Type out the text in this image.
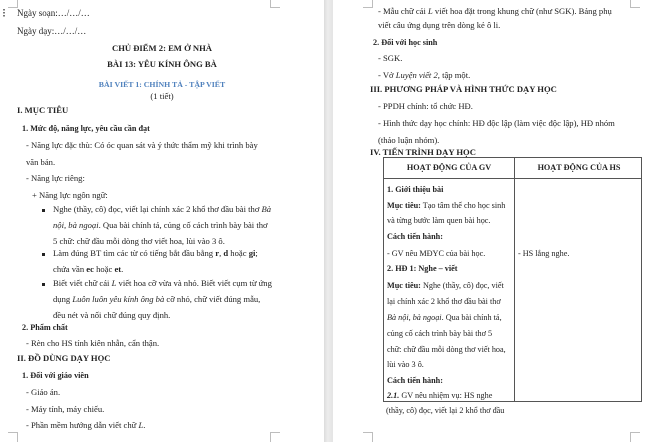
Ngày soạn:…/…/…
Ngày dạy:…/…/…
CHỦ ĐIỂM 2: EM Ở NHÀ
BÀI 13: YÊU KÍNH ÔNG BÀ
BÀI VIẾT 1: CHÍNH TẢ - TẬP VIẾT
(1 tiết)
I. MỤC TIÊU
1. Mức độ, năng lực, yêu cầu cần đạt
- Năng lực đặc thù: Có óc quan sát và ý thức thẩm mỹ khi trình bày
văn bản.
- Năng lực riêng:
+ Năng lực ngôn ngữ:
Nghe (thầy, cô) đọc, viết lại chính xác 2 khổ thơ đầu bài thơ Bà
nội, bà ngoại. Qua bài chính tả, củng cố cách trình bày bài thơ
5 chữ: chữ đầu mỗi dòng thơ viết hoa, lùi vào 3 ô.
Làm đúng BT tìm các từ có tiếng bắt đầu bằng r, d hoặc gi;
chứa vần ec hoặc et.
Biết viết chữ cái L viết hoa cỡ vừa và nhỏ. Biết viết cụm từ ứng
dụng Luôn luôn yêu kính ông bà cỡ nhỏ, chữ viết đúng mẫu,
đều nét và nối chữ đúng quy định.
2. Phẩm chất
- Rèn cho HS tính kiên nhẫn, cẩn thận.
II. ĐỒ DÙNG DẠY HỌC
1. Đối với giáo viên
- Giáo án.
- Máy tính, máy chiếu.
- Phần mềm hướng dẫn viết chữ L.
- Mẫu chữ cái L viết hoa đặt trong khung chữ (như SGK). Bảng phụ
viết câu ứng dụng trên dòng kẻ ô li.
2. Đối với học sinh
- SGK.
- Vở Luyện viết 2, tập một.
III. PHƯƠNG PHÁP VÀ HÌNH THỨC DẠY HỌC
- PPDH chính: tổ chức HĐ.
- Hình thức dạy học chính: HĐ độc lập (làm việc độc lập), HĐ nhóm
(thảo luận nhóm).
IV. TIẾN TRÌNH DẠY HỌC
HOẠT ĐỘNG CỦA GV	HOẠT ĐỘNG CỦA HS
1. Giới thiệu bài
Mục tiêu: Tạo tâm thế cho học sinh
và từng bước làm quen bài học.
Cách tiến hành:
- GV nêu MĐYC của bài học.
2. HĐ 1: Nghe – viết
Mục tiêu: Nghe (thầy, cô) đọc, viết
lại chính xác 2 khổ thơ đầu bài thơ
Bà nội, bà ngoại. Qua bài chính tả,
củng cố cách trình bày bài thơ 5
chữ: chữ đầu mỗi dòng thơ viết hoa,
lùi vào 3 ô.
Cách tiến hành:
2.1. GV nêu nhiệm vụ: HS nghe
- HS lắng nghe.
(thầy, cô) đọc, viết lại 2 khổ thơ đầu
